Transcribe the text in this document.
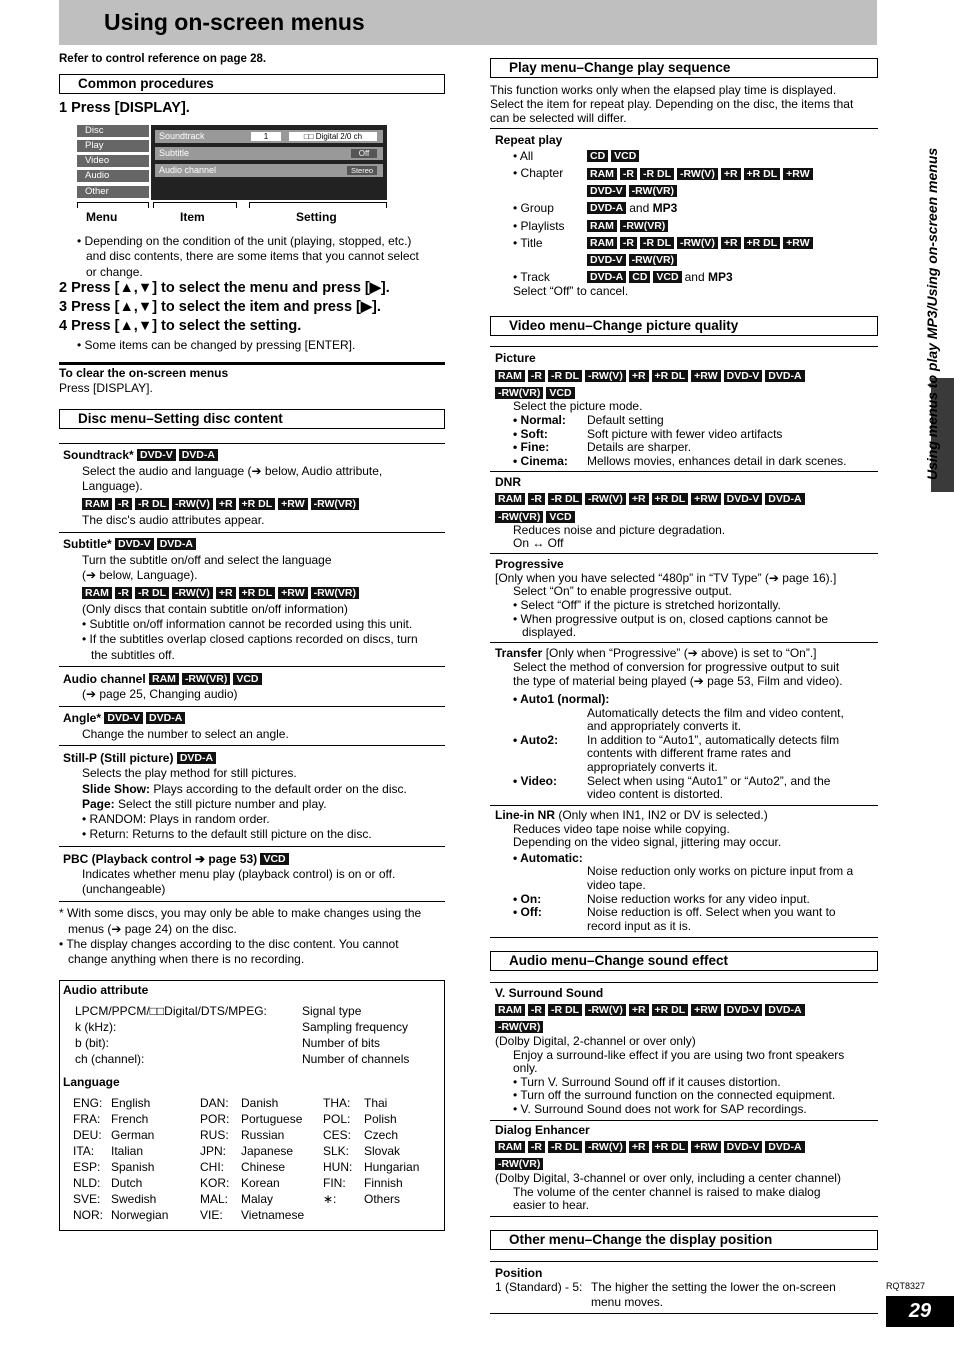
Using on-screen menus
Refer to control reference on page 28.
Common procedures
1 Press [DISPLAY].
Disc
Play
Video
Audio
Other
Soundtrack	1	□□ Digital 2/0 ch
Subtitle	Off
Audio channel	Stereo
Menu	Item	Setting
• Depending on the condition of the unit (playing, stopped, etc.)
and disc contents, there are some items that you cannot select
or change.
2 Press [▲,▼] to select the menu and press [▶].
3 Press [▲,▼] to select the item and press [▶].
4 Press [▲,▼] to select the setting.
• Some items can be changed by pressing [ENTER].
To clear the on-screen menus
Press [DISPLAY].
Disc menu–Setting disc content
Soundtrack* DVD-V DVD-A
Select the audio and language (➔ below, Audio attribute,
Language).
RAM -R -R DL -RW(V) +R +R DL +RW -RW(VR)
The disc's audio attributes appear.
Subtitle* DVD-V DVD-A
Turn the subtitle on/off and select the language
(➔ below, Language).
RAM -R -R DL -RW(V) +R +R DL +RW -RW(VR)
(Only discs that contain subtitle on/off information)
• Subtitle on/off information cannot be recorded using this unit.
• If the subtitles overlap closed captions recorded on discs, turn
the subtitles off.
Audio channel RAM -RW(VR) VCD
(➔ page 25, Changing audio)
Angle* DVD-V DVD-A
Change the number to select an angle.
Still-P (Still picture) DVD-A
Selects the play method for still pictures.
Slide Show: Plays according to the default order on the disc.
Page: Select the still picture number and play.
• RANDOM: Plays in random order.
• Return: Returns to the default still picture on the disc.
PBC (Playback control ➔ page 53) VCD
Indicates whether menu play (playback control) is on or off.
(unchangeable)
* With some discs, you may only be able to make changes using the
menus (➔ page 24) on the disc.
• The display changes according to the disc content. You cannot
change anything when there is no recording.
Audio attribute
LPCM/PPCM/□□Digital/DTS/MPEG:	Signal type
k (kHz):	Sampling frequency
b (bit):	Number of bits
ch (channel):	Number of channels
Language
ENG: English	DAN: Danish	THA: Thai
FRA: French	POR: Portuguese POL: Polish
DEU: German	RUS: Russian	CES: Czech
ITA: Italian	JPN: Japanese SLK: Slovak
ESP: Spanish	CHI: Chinese	HUN: Hungarian
NLD: Dutch	KOR: Korean	FIN: Finnish
SVE: Swedish	MAL: Malay	∗: Others
NOR: Norwegian	VIE: Vietnamese
Play menu–Change play sequence
This function works only when the elapsed play time is displayed.
Select the item for repeat play. Depending on the disc, the items that
can be selected will differ.
Repeat play
• All	CD VCD
• Chapter	RAM -R -R DL -RW(V) +R +R DL +RW
DVD-V -RW(VR)
• Group	DVD-A and MP3
• Playlists RAM -RW(VR)
• Title	RAM -R -R DL -RW(V) +R +R DL +RW
DVD-V -RW(VR)
• Track	DVD-A CD VCD and MP3
Select “Off” to cancel.
Video menu–Change picture quality
Picture
RAM -R -R DL -RW(V) +R +R DL +RW DVD-V DVD-A
-RW(VR) VCD
Select the picture mode.
• Normal: Default setting
• Soft:	Soft picture with fewer video artifacts
• Fine:	Details are sharper.
• Cinema: Mellows movies, enhances detail in dark scenes.
DNR
RAM -R -R DL -RW(V) +R +R DL +RW DVD-V DVD-A
-RW(VR) VCD
Reduces noise and picture degradation.
On ↔ Off
Progressive
[Only when you have selected “480p” in “TV Type” (➔ page 16).]
Select “On” to enable progressive output.
• Select “Off” if the picture is stretched horizontally.
• When progressive output is on, closed captions cannot be
displayed.
Transfer [Only when “Progressive” (➔ above) is set to “On”.]
Select the method of conversion for progressive output to suit
the type of material being played (➔ page 53, Film and video).
• Auto1 (normal):
Automatically detects the film and video content,
and appropriately converts it.
• Auto2: In addition to “Auto1”, automatically detects film
contents with different frame rates and
appropriately converts it.
• Video:	Select when using “Auto1” or “Auto2”, and the
video content is distorted.
Line-in NR (Only when IN1, IN2 or DV is selected.)
Reduces video tape noise while copying.
Depending on the video signal, jittering may occur.
• Automatic:
Noise reduction only works on picture input from a
video tape.
• On:	Noise reduction works for any video input.
• Off:	Noise reduction is off. Select when you want to
record input as it is.
Audio menu–Change sound effect
V. Surround Sound
RAM -R -R DL -RW(V) +R +R DL +RW DVD-V DVD-A
-RW(VR)
(Dolby Digital, 2-channel or over only)
Enjoy a surround-like effect if you are using two front speakers
only.
• Turn V. Surround Sound off if it causes distortion.
• Turn off the surround function on the connected equipment.
• V. Surround Sound does not work for SAP recordings.
Dialog Enhancer
RAM -R -R DL -RW(V) +R +R DL +RW DVD-V DVD-A
-RW(VR)
(Dolby Digital, 3-channel or over only, including a center channel)
The volume of the center channel is raised to make dialog
easier to hear.
Other menu–Change the display position
Position
1 (Standard) - 5: The higher the setting the lower the on-screen
menu moves.
Using menus to play MP3/Using on-screen menus
RQT8327
29
